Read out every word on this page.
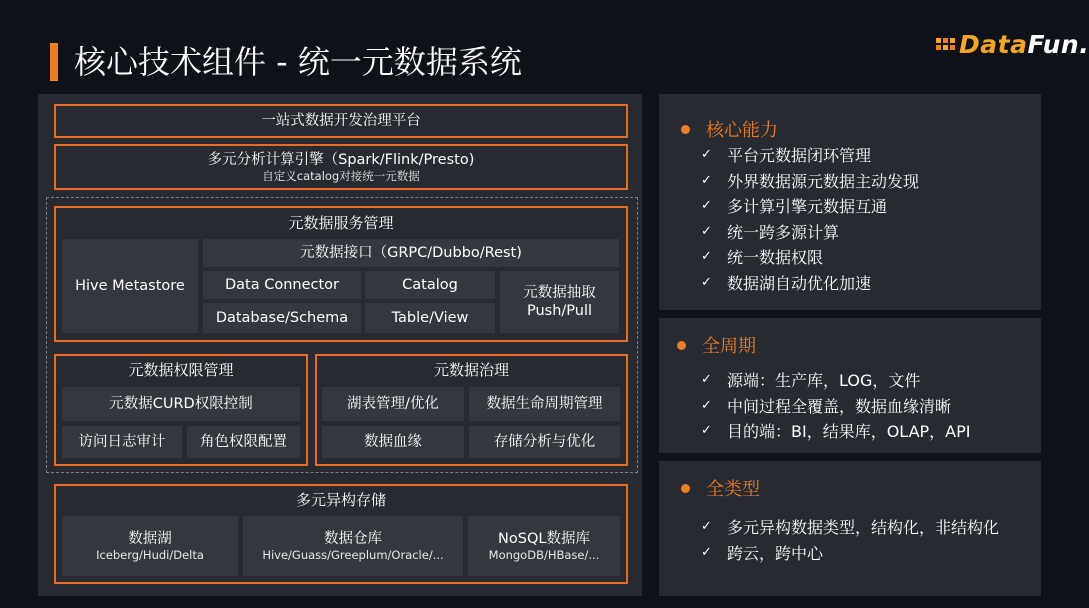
核心技术组件 - 统一元数据系统	DataFun.
一站式数据开发治理平台
多元分析计算引擎（Spark/Flink/Presto)
自定义catalog对接统一元数据
元数据服务管理
Hive Metastore
元数据接口（GRPC/Dubbo/Rest)
Data Connector	Catalog	元数据抽取
Push/Pull
Database/Schema	Table/View
元数据权限管理
元数据CURD权限控制
访问日志审计	角色权限配置
元数据治理
湖表管理/优化	数据生命周期管理
数据血缘	存储分析与优化
多元异构存储
数据湖
Iceberg/Hudi/Delta
数据仓库
Hive/Guass/Greeplum/Oracle/...
NoSQL数据库
MongoDB/HBase/...
核心能力
✓ 平台元数据闭环管理
✓ 外界数据源元数据主动发现
✓ 多计算引擎元数据互通
✓ 统一跨多源计算
✓ 统一数据权限
✓ 数据湖自动优化加速
全周期
✓ 源端：生产库，LOG，文件
✓ 中间过程全覆盖，数据血缘清晰
✓ 目的端：BI，结果库，OLAP，API
全类型
✓ 多元异构数据类型，结构化，非结构化
✓ 跨云，跨中心
